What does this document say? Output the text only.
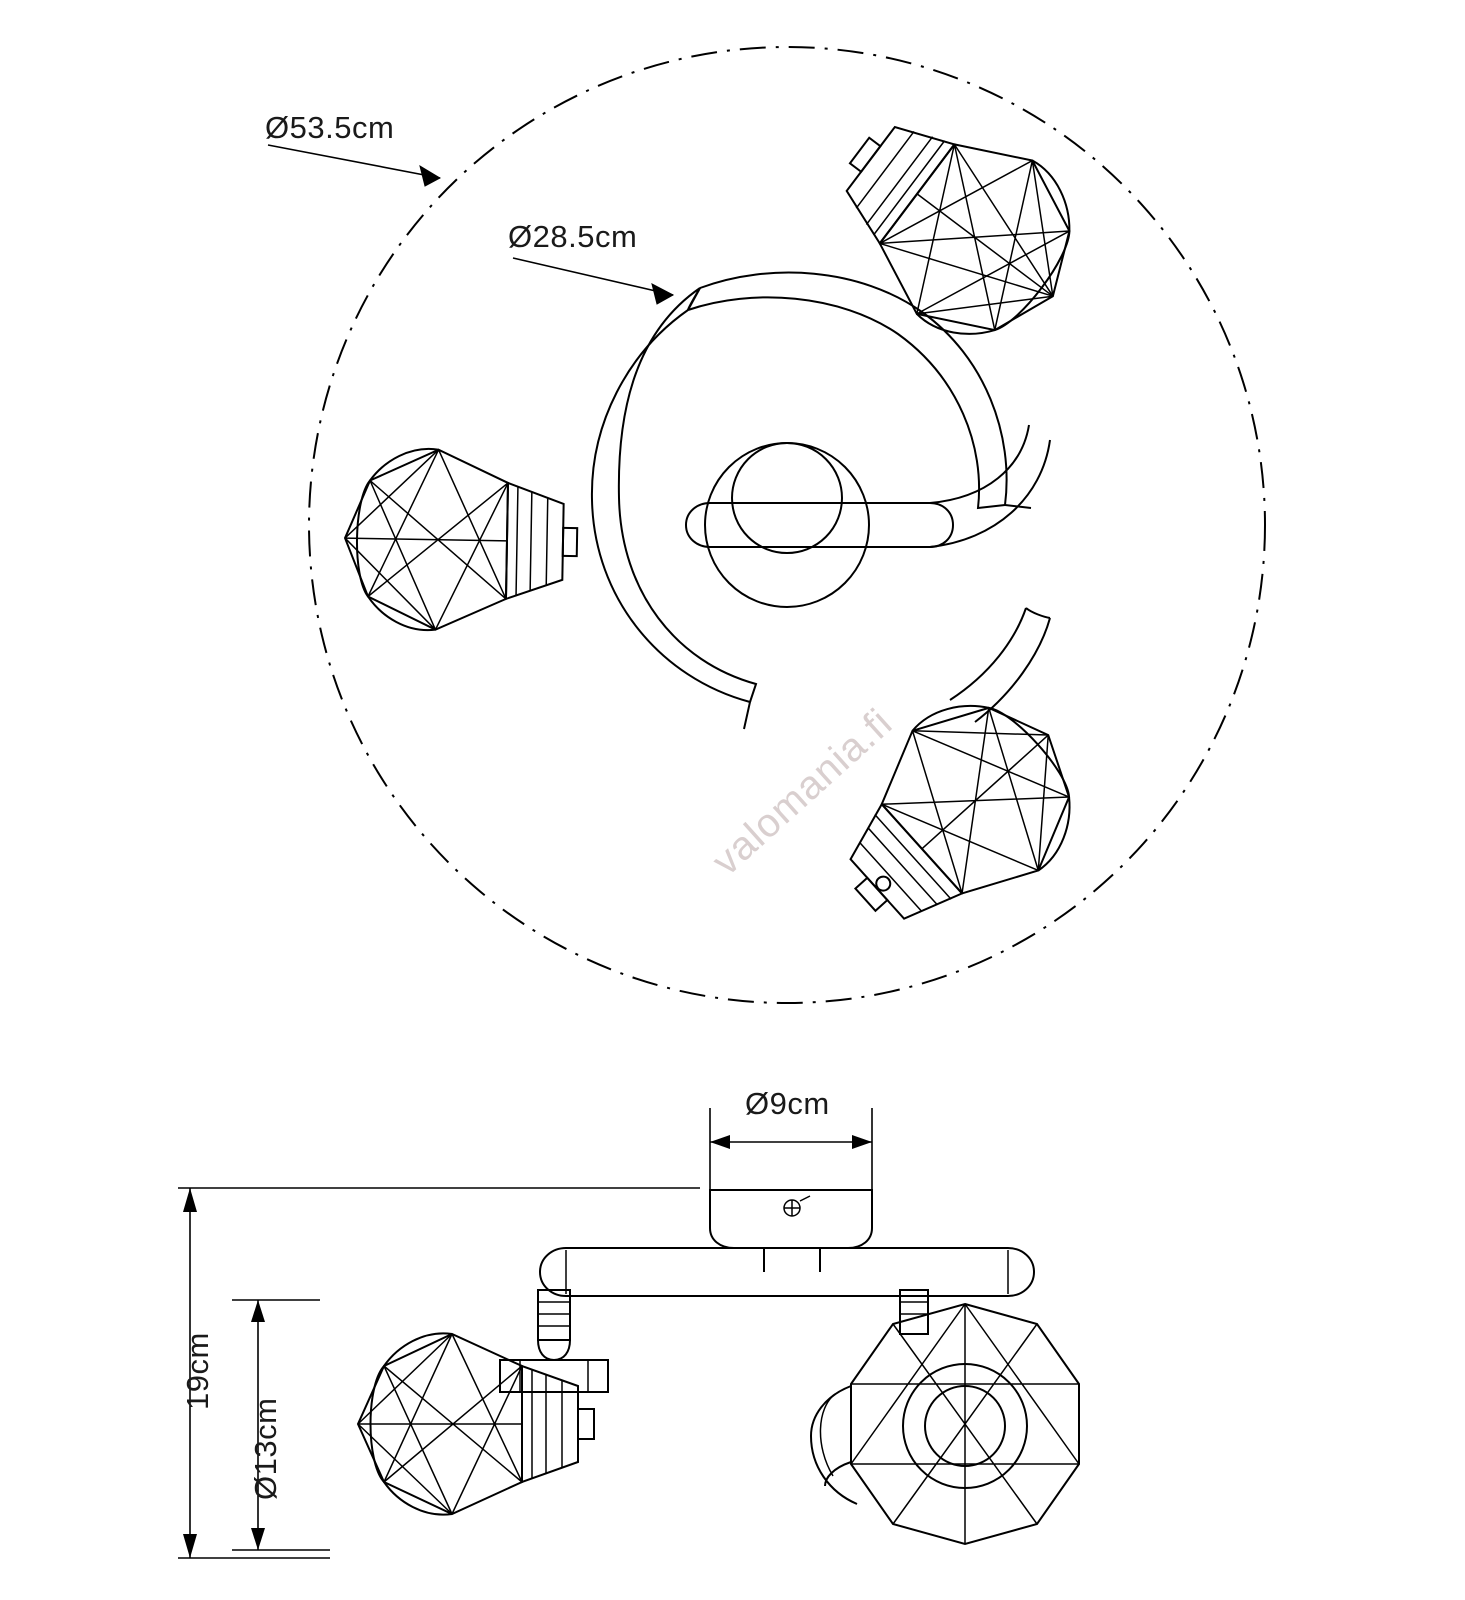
Ø53.5cm
Ø28.5cm
Ø9cm
19cm
Ø13cm
valomania.fi
